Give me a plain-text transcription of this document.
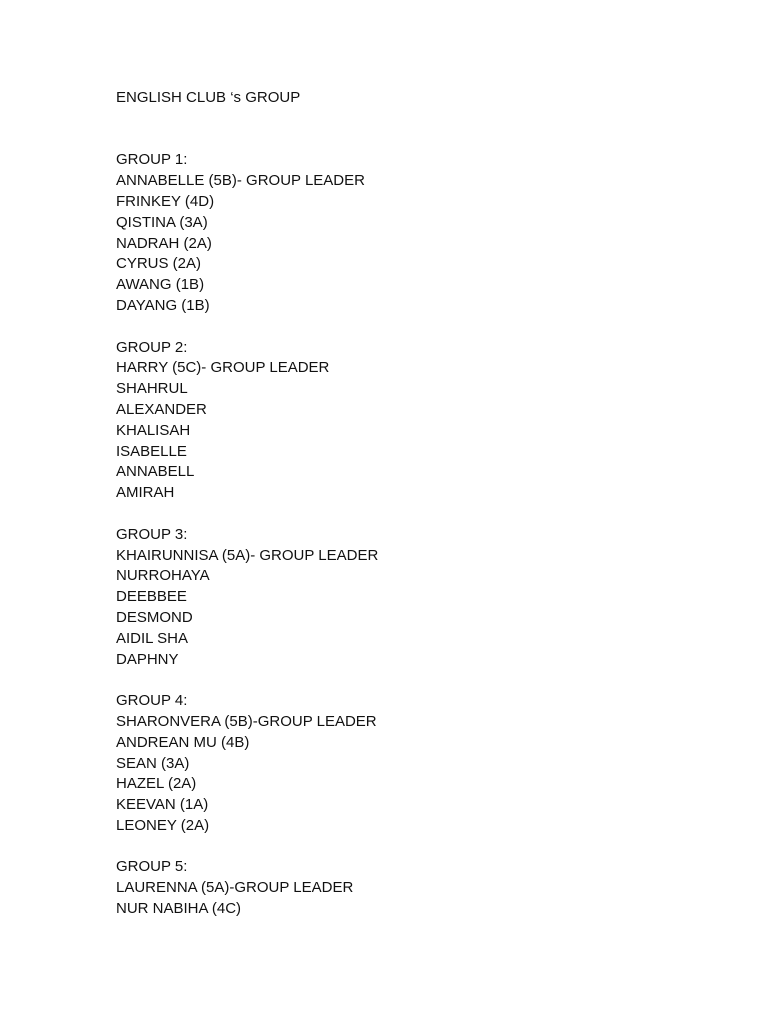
ENGLISH CLUB ‘s GROUP
GROUP 1:
ANNABELLE (5B)- GROUP LEADER
FRINKEY (4D)
QISTINA (3A)
NADRAH (2A)
CYRUS (2A)
AWANG (1B)
DAYANG (1B)
GROUP 2:
HARRY (5C)- GROUP LEADER
SHAHRUL
ALEXANDER
KHALISAH
ISABELLE
ANNABELL
AMIRAH
GROUP 3:
KHAIRUNNISA (5A)- GROUP LEADER
NURROHAYA
DEEBBEE
DESMOND
AIDIL SHA
DAPHNY
GROUP 4:
SHARONVERA (5B)-GROUP LEADER
ANDREAN MU (4B)
SEAN (3A)
HAZEL (2A)
KEEVAN (1A)
LEONEY (2A)
GROUP 5:
LAURENNA (5A)-GROUP LEADER
NUR NABIHA (4C)
